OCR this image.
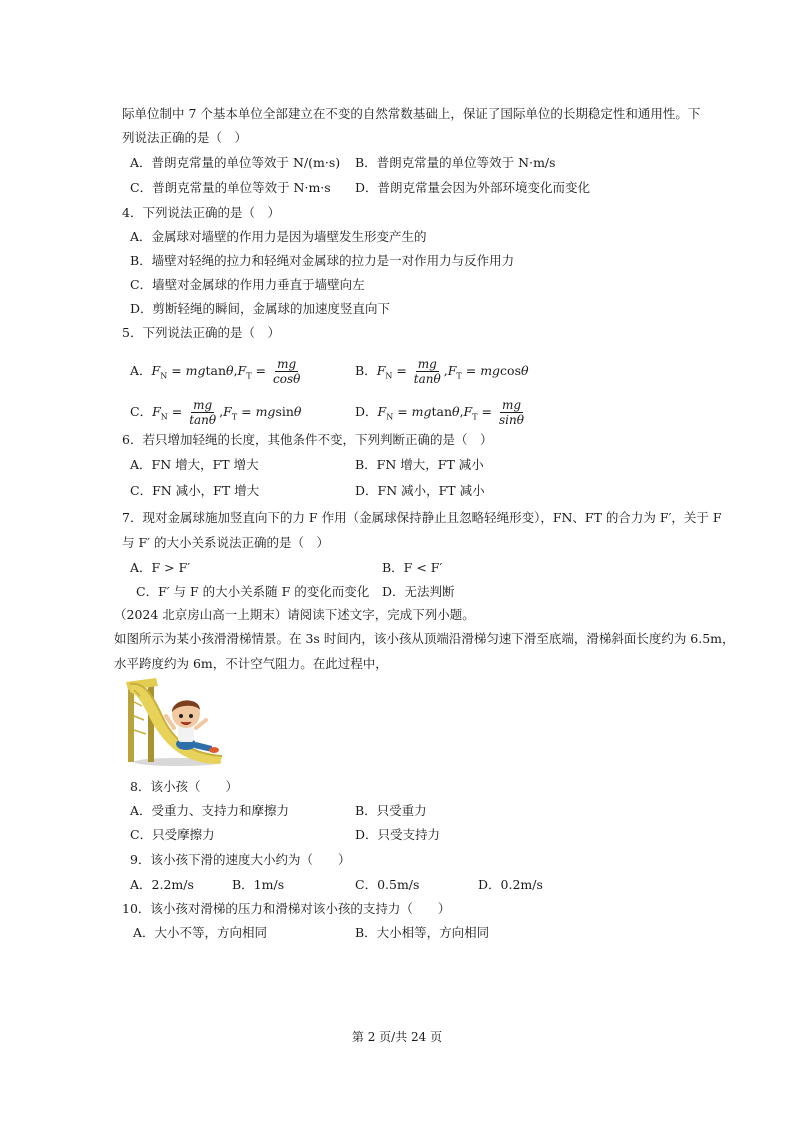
际单位制中 7 个基本单位全部建立在不变的自然常数基础上，保证了国际单位的长期稳定性和通用性。下
列说法正确的是（　）
A．普朗克常量的单位等效于 N/(m·s) B．普朗克常量的单位等效于 N·m/s
C．普朗克常量的单位等效于 N·m·s D．普朗克常量会因为外部环境变化而变化
4．下列说法正确的是（　）
A．金属球对墙壁的作用力是因为墙壁发生形变产生的
B．墙壁对轻绳的拉力和轻绳对金属球的拉力是一对作用力与反作用力
C．墙壁对金属球的作用力垂直于墙壁向左
D．剪断轻绳的瞬间，金属球的加速度竖直向下
5．下列说法正确的是（　）
A．$F_N = mgtan\theta,F_T = \frac{mg}{\cos\theta}$	B．$F_N = \frac{mg}{\tan\theta} ,F_T = mgcos\theta$
C．$F_N = \frac{mg}{\tan\theta} ,F_T = mgsin\theta$	D．$F_N = mgtan\theta,F_T = \frac{mg}{\sin\theta}$
6．若只增加轻绳的长度，其他条件不变，下列判断正确的是（　）
A．FN 增大，FT 增大	B．FN 增大，FT 减小
C．FN 减小，FT 增大	D．FN 减小，FT 减小
7．现对金属球施加竖直向下的力 F 作用（金属球保持静止且忽略轻绳形变），FN、FT 的合力为 F′，关于 F
与 F′ 的大小关系说法正确的是（　）
A．F > F′	B．F < F′
C．F′ 与 F 的大小关系随 F 的变化而变化 D．无法判断
（2024 北京房山高一上期末）请阅读下述文字，完成下列小题。
如图所示为某小孩滑滑梯情景。在 3s 时间内，该小孩从顶端沿滑梯匀速下滑至底端，滑梯斜面长度约为 6.5m，
水平跨度约为 6m，不计空气阻力。在此过程中，
8．该小孩（　　）
A．受重力、支持力和摩擦力	B．只受重力
C．只受摩擦力	D．只受支持力
9．该小孩下滑的速度大小约为（　　）
A．2.2m/s	B．1m/s	C．0.5m/s	D．0.2m/s
10．该小孩对滑梯的压力和滑梯对该小孩的支持力（　　）
A．大小不等，方向相同	B．大小相等，方向相同
第 2 页/共 24 页
